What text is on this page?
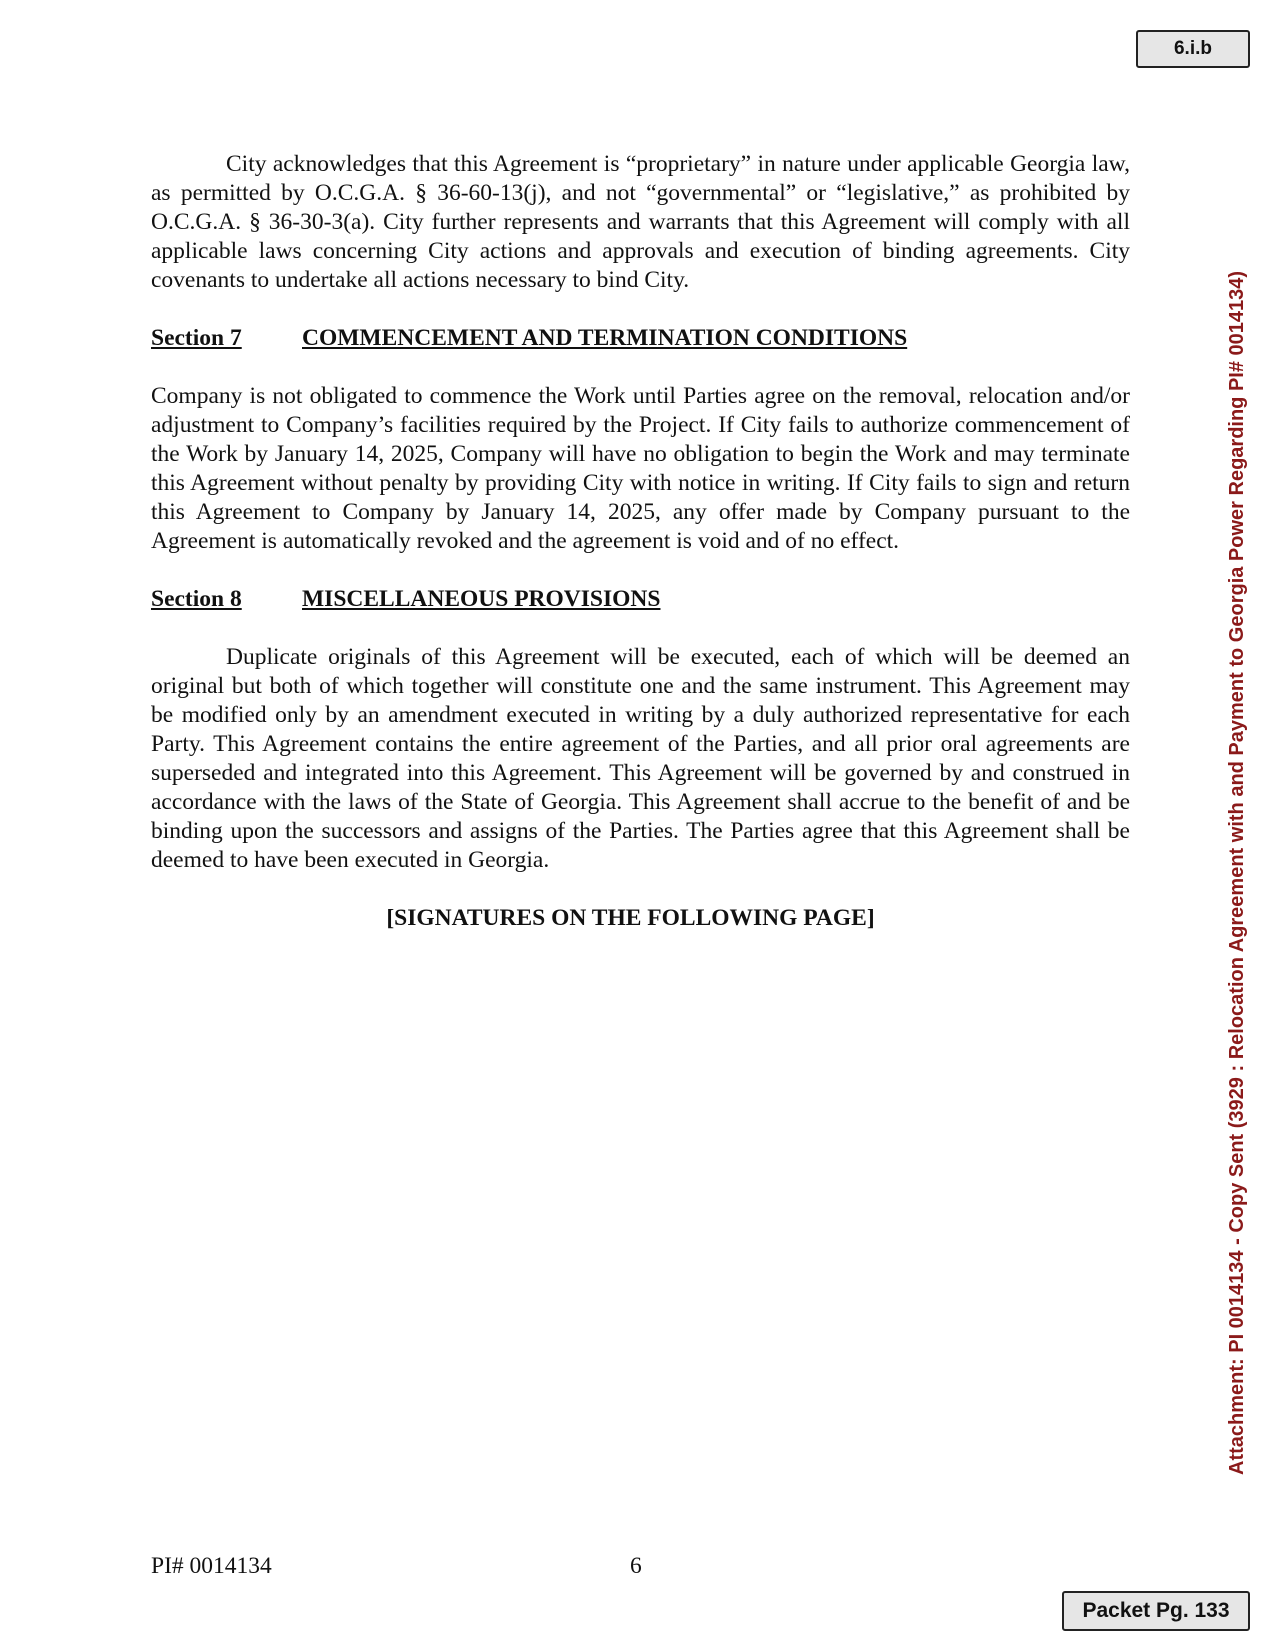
6.i.b
Attachment: PI 0014134 - Copy Sent (3929 : Relocation Agreement with and Payment to Georgia Power Regarding PI# 0014134)

City acknowledges that this Agreement is “proprietary” in nature under applicable Georgia law, as permitted by O.C.G.A. § 36-60-13(j), and not “governmental” or “legislative,” as prohibited by O.C.G.A. § 36-30-3(a). City further represents and warrants that this Agreement will comply with all applicable laws concerning City actions and approvals and execution of binding agreements. City covenants to undertake all actions necessary to bind City.

Section 7	COMMENCEMENT AND TERMINATION CONDITIONS

Company is not obligated to commence the Work until Parties agree on the removal, relocation and/or adjustment to Company’s facilities required by the Project. If City fails to authorize commencement of the Work by January 14, 2025, Company will have no obligation to begin the Work and may terminate this Agreement without penalty by providing City with notice in writing. If City fails to sign and return this Agreement to Company by January 14, 2025, any offer made by Company pursuant to the Agreement is automatically revoked and the agreement is void and of no effect.

Section 8	MISCELLANEOUS PROVISIONS

Duplicate originals of this Agreement will be executed, each of which will be deemed an original but both of which together will constitute one and the same instrument. This Agreement may be modified only by an amendment executed in writing by a duly authorized representative for each Party. This Agreement contains the entire agreement of the Parties, and all prior oral agreements are superseded and integrated into this Agreement. This Agreement will be governed by and construed in accordance with the laws of the State of Georgia. This Agreement shall accrue to the benefit of and be binding upon the successors and assigns of the Parties. The Parties agree that this Agreement shall be deemed to have been executed in Georgia.

[SIGNATURES ON THE FOLLOWING PAGE]

PI# 0014134	6
Packet Pg. 133
